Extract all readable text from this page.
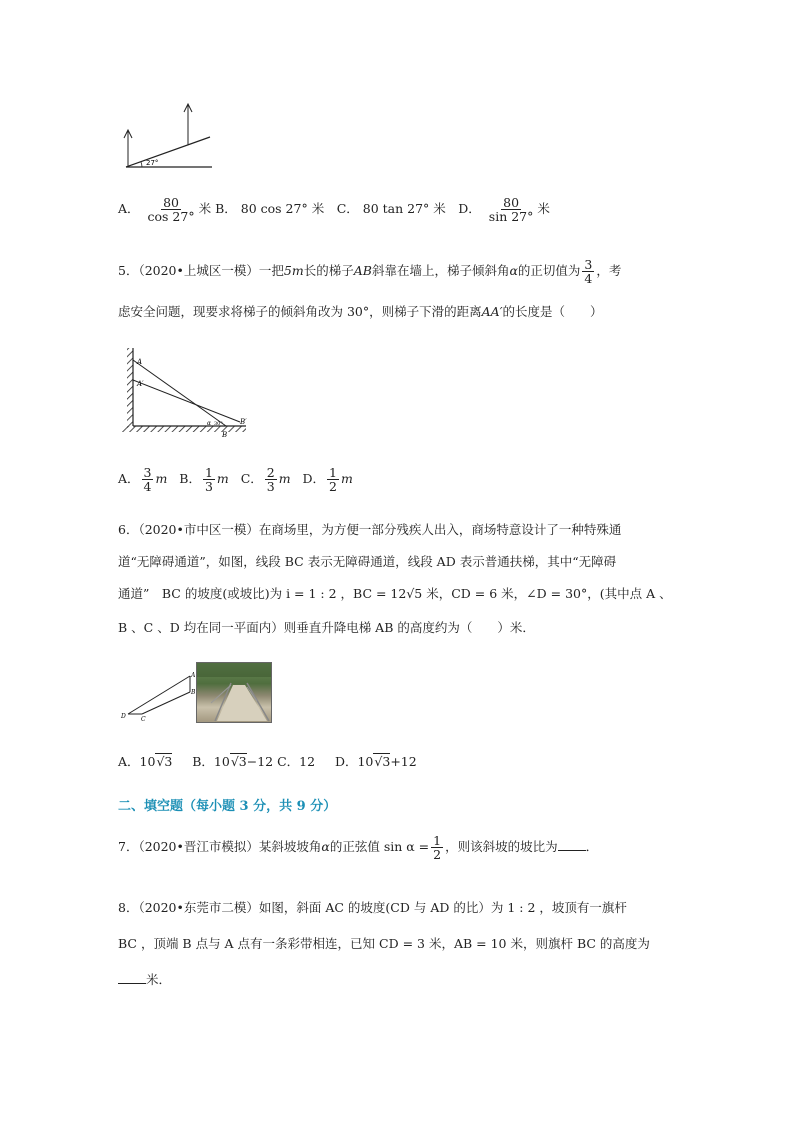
27°
A． $\frac{80}{\cos 27^\circ}$ 米 B． 80 cos 27° 米　C． 80 tan 27° 米　D． $\frac{80}{\sin 27^\circ}$ 米
5．（2020•上城区一模）一把5m长的梯子AB斜靠在墙上，梯子倾斜角α的正切值为 $\frac{3}{4}$ ，考
虑安全问题，现要求将梯子的倾斜角改为 30°，则梯子下滑的距离AA′的长度是（　　）
A
A′
B
B′
α 30°
A． $\frac{3}{4}$ m B． $\frac{1}{3}$ m C． $\frac{2}{3}$ m D． $\frac{1}{2}$ m
6．（2020•市中区一模）在商场里，为方便一部分残疾人出入，商场特意设计了一种特殊通
道“无障碍通道”，如图，线段 BC 表示无障碍通道，线段 AD 表示普通扶梯，其中“无障碍
通道”　BC 的坡度(或坡比)为 i = 1 : 2 ，BC = 12√5 米，CD = 6 米，∠D = 30°，(其中点 A 、
B 、C 、D 均在同一平面内）则垂直升降电梯 AB 的高度约为（　　）米．
A
B
C
D
A．10√3 B．10√3−12 C．12 D．10√3+12
二、填空题（每小题 3 分，共 9 分）
7．（2020•晋江市模拟）某斜坡坡角α的正弦值 $\sin \alpha = \frac{1}{2}$ ，则该斜坡的坡比为 ．
8．（2020•东莞市二模）如图，斜面 AC 的坡度(CD 与 AD 的比）为 1 : 2 ，坡顶有一旗杆
BC ，顶端 B 点与 A 点有一条彩带相连，已知 CD = 3 米，AB = 10 米，则旗杆 BC 的高度为
米．
